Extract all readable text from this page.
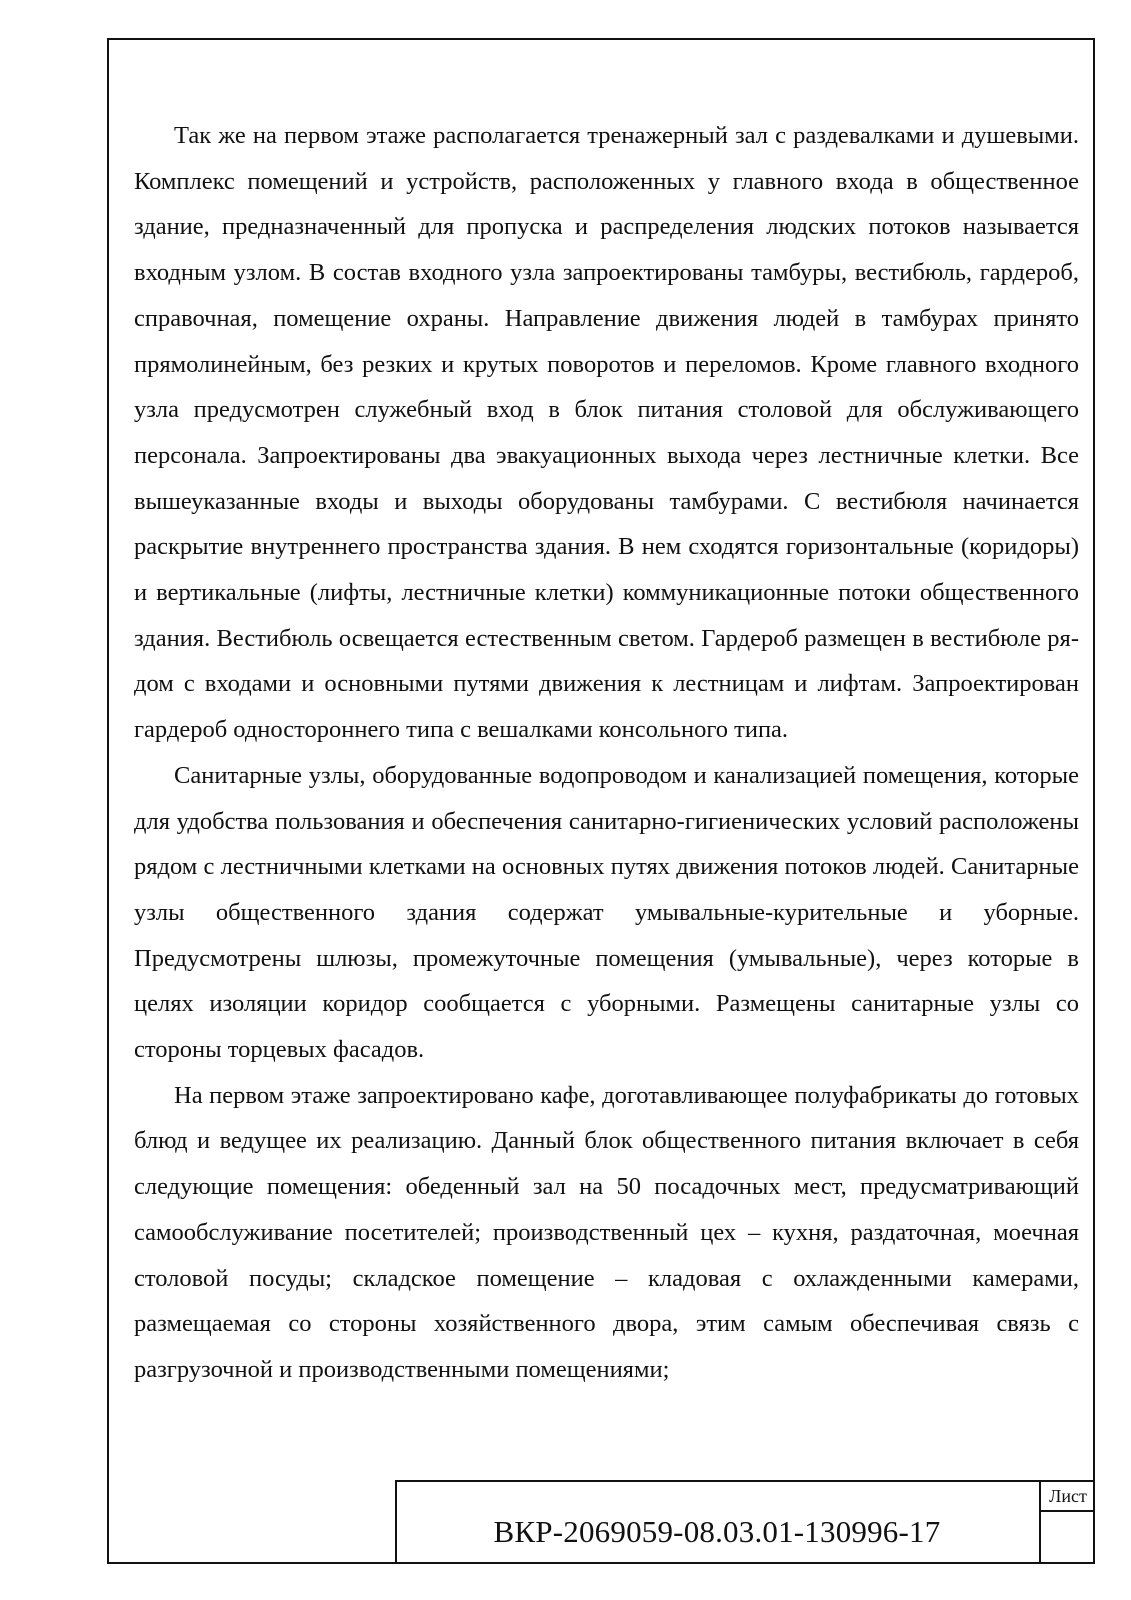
Так же на первом этаже располагается тренажерный зал с раздевалками и душевыми. Комплекс помещений и устройств, расположенных у главного входа в общественное здание, предназначенный для пропуска и распределения людских потоков называется входным узлом. В состав входного узла запроектированы тамбуры, вестибюль, гардероб, справочная, помещение охраны. Направление движения людей в тамбурах принято прямолинейным, без резких и крутых поворотов и переломов. Кроме главного входного узла предусмотрен служебный вход в блок питания столовой для обслуживающего персонала. Запроектированы два эвакуационных выхода через лестничные клетки. Все вышеуказанные входы и выходы оборудованы тамбурами. С вестибюля начинается раскрытие внутреннего пространства здания. В нем сходятся горизонтальные (коридоры) и вертикальные (лифты, лестничные клетки) коммуникационные потоки общественного здания. Вестибюль освещается естественным светом. Гардероб размещен в вестибюле рядом с входами и основными путями движения к лестницам и лифтам. Запроектирован гардероб одностороннего типа с вешалками консольного типа.

Санитарные узлы, оборудованные водопроводом и канализацией помещения, которые для удобства пользования и обеспечения санитарно-гигиенических условий расположены рядом с лестничными клетками на основных путях движения потоков людей. Санитарные узлы общественного здания содержат умывальные-курительные и уборные. Предусмотрены шлюзы, промежуточные помещения (умывальные), через которые в целях изоляции коридор сообщается с уборными. Размещены санитарные узлы со стороны торцевых фасадов.

На первом этаже запроектировано кафе, доготавливающее полуфабрикаты до готовых блюд и ведущее их реализацию. Данный блок общественного питания включает в себя следующие помещения: обеденный зал на 50 посадочных мест, предусматривающий самообслуживание посетителей; производственный цех – кухня, раздаточная, моечная столовой посуды; складское помещение – кладовая с охлажденными камерами, размещаемая со стороны хозяйственного двора, этим самым обеспечивая связь с разгрузочной и производственными помещениями;

ВКР-2069059-08.03.01-130996-17
Лист
